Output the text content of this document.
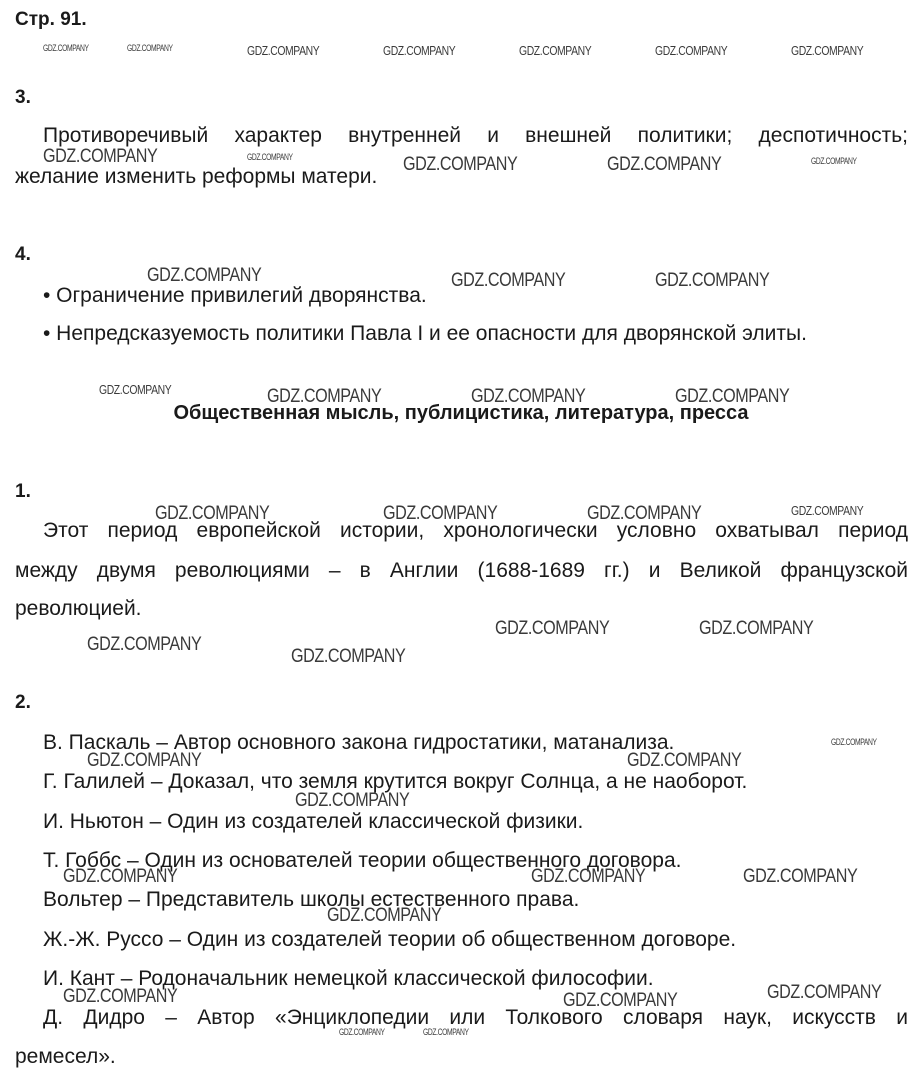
Стр. 91.
3.
Противоречивый характер внутренней и внешней политики; деспотичность;
желание изменить реформы матери.
4.
• Ограничение привилегий дворянства.
• Непредсказуемость политики Павла I и ее опасности для дворянской элиты.
Общественная мысль, публицистика, литература, пресса
1.
Этот период европейской истории, хронологически условно охватывал период
между двумя революциями – в Англии (1688-1689 гг.) и Великой французской
революцией.
2.
В. Паскаль – Автор основного закона гидростатики, матанализа.
Г. Галилей – Доказал, что земля крутится вокруг Солнца, а не наоборот.
И. Ньютон – Один из создателей классической физики.
Т. Гоббс – Один из основателей теории общественного договора.
Вольтер – Представитель школы естественного права.
Ж.-Ж. Руссо – Один из создателей теории об общественном договоре.
И. Кант – Родоначальник немецкой классической философии.
Д. Дидро – Автор «Энциклопедии или Толкового словаря наук, искусств и
ремесел».
GDZ.COMPANY	GDZ.COMPANY	GDZ.COMPANY	GDZ.COMPANY	GDZ.COMPANY	GDZ.COMPANY	GDZ.COMPANY
GDZ.COMPANY	GDZ.COMPANY	GDZ.COMPANY	GDZ.COMPANY	GDZ.COMPANY
GDZ.COMPANY	GDZ.COMPANY	GDZ.COMPANY
GDZ.COMPANY	GDZ.COMPANY	GDZ.COMPANY	GDZ.COMPANY
GDZ.COMPANY	GDZ.COMPANY	GDZ.COMPANY	GDZ.COMPANY
GDZ.COMPANY	GDZ.COMPANY
GDZ.COMPANY
GDZ.COMPANY
GDZ.COMPANY
GDZ.COMPANY	GDZ.COMPANY
GDZ.COMPANY
GDZ.COMPANY	GDZ.COMPANY	GDZ.COMPANY
GDZ.COMPANY
GDZ.COMPANY
GDZ.COMPANY	GDZ.COMPANY
GDZ.COMPANY	GDZ.COMPANY
